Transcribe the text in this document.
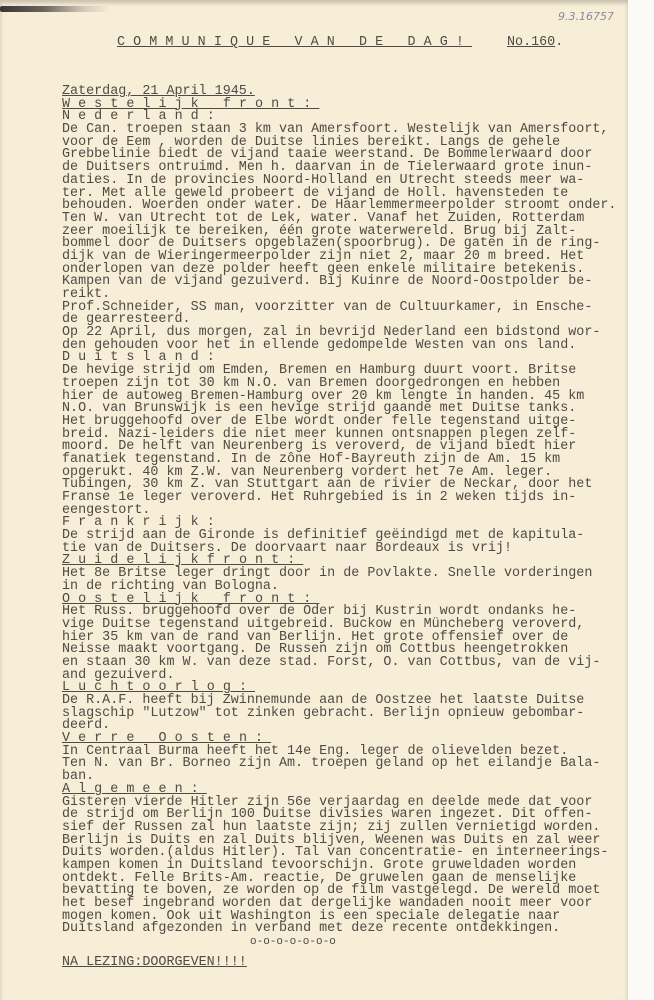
9.3.16757
COMMUNIQUE VAN DE DAG!	No.160.
Zaterdag, 21 April 1945.
Westelijk front:
Nederland:
De Can. troepen staan 3 km van Amersfoort. Westelijk van Amersfoort,
voor de Eem , worden de Duitse linies bereikt. Langs de gehele
Grebbelinie biedt de vijand taaie weerstand. De Bommelerwaard door
de Duitsers ontruimd. Men h. daarvan in de Tielerwaard grote inun-
daties. In de provincies Noord-Holland en Utrecht steeds meer wa-
ter. Met alle geweld probeert de vijand de Holl. havensteden te
behouden. Woerden onder water. De Haarlemmermeerpolder stroomt onder.
Ten W. van Utrecht tot de Lek, water. Vanaf het Zuiden, Rotterdam
zeer moeilijk te bereiken, één grote waterwereld. Brug bij Zalt-
bommel door de Duitsers opgeblazen(spoorbrug). De gaten in de ring-
dijk van de Wieringermeerpolder zijn niet 2, maar 20 m breed. Het
onderlopen van deze polder heeft geen enkele militaire betekenis.
Kampen van de vijand gezuiverd. Bij Kuinre de Noord-Oostpolder be-
reikt.
Prof.Schneider, SS man, voorzitter van de Cultuurkamer, in Ensche-
de gearresteerd.
Op 22 April, dus morgen, zal in bevrijd Nederland een bidstond wor-
den gehouden voor het in ellende gedompelde Westen van ons land.
Duitsland:
De hevige strijd om Emden, Bremen en Hamburg duurt voort. Britse
troepen zijn tot 30 km N.O. van Bremen doorgedrongen en hebben
hier de autoweg Bremen-Hamburg over 20 km lengte in handen. 45 km
N.O. van Brunswijk is een hevige strijd gaande met Duitse tanks.
Het bruggehoofd over de Elbe wordt onder felle tegenstand uitge-
breid. Nazi-leiders die niet meer kunnen ontsnappen plegen zelf-
moord. De helft van Neurenberg is veroverd, de vijand biedt hier
fanatiek tegenstand. In de zône Hof-Bayreuth zijn de Am. 15 km
opgerukt. 40 km Z.W. van Neurenberg vordert het 7e Am. leger.
Tubingen, 30 km Z. van Stuttgart aan de rivier de Neckar, door het
Franse 1e leger veroverd. Het Ruhrgebied is in 2 weken tijds in-
eengestort.
Frankrijk:
De strijd aan de Gironde is definitief geëindigd met de kapitula-
tie van de Duitsers. De doorvaart naar Bordeaux is vrij!
Zuidelijkfront:
Het 8e Britse leger dringt door in de Povlakte. Snelle vorderingen
in de richting van Bologna.
Oostelijk front:
Het Russ. bruggehoofd over de Oder bij Kustrin wordt ondanks he-
vige Duitse tegenstand uitgebreid. Buckow en Müncheberg veroverd,
hier 35 km van de rand van Berlijn. Het grote offensief over de
Neisse maakt voortgang. De Russen zijn om Cottbus heengetrokken
en staan 30 km W. van deze stad. Forst, O. van Cottbus, van de vij-
and gezuiverd.
Luchtoorlog:
De R.A.F. heeft bij Zwinnemunde aan de Oostzee het laatste Duitse
slagschip "Lutzow" tot zinken gebracht. Berlijn opnieuw gebombar-
deerd.
Verre Oosten:
In Centraal Burma heeft het 14e Eng. leger de olievelden bezet.
Ten N. van Br. Borneo zijn Am. troepen geland op het eilandje Bala-
ban.
Algemeen:
Gisteren vierde Hitler zijn 56e verjaardag en deelde mede dat voor
de strijd om Berlijn 100 Duitse divisies waren ingezet. Dit offen-
sief der Russen zal hun laatste zijn; zij zullen vernietigd worden.
Berlijn is Duits en zal Duits blijven, Weenen was Duits en zal weer
Duits worden.(aldus Hitler). Tal van concentratie- en interneerings-
kampen komen in Duitsland tevoorschijn. Grote gruweldaden worden
ontdekt. Felle Brits-Am. reactie, De gruwelen gaan de menselijke
bevatting te boven, ze worden op de film vastgelegd. De wereld moet
het besef ingebrand worden dat dergelijke wandaden nooit meer voor
mogen komen. Ook uit Washington is een speciale delegatie naar
Duitsland afgezonden in verband met deze recente ontdekkingen.
o-o-o-o-o-o-o
NA LEZING:DOORGEVEN!!!!
